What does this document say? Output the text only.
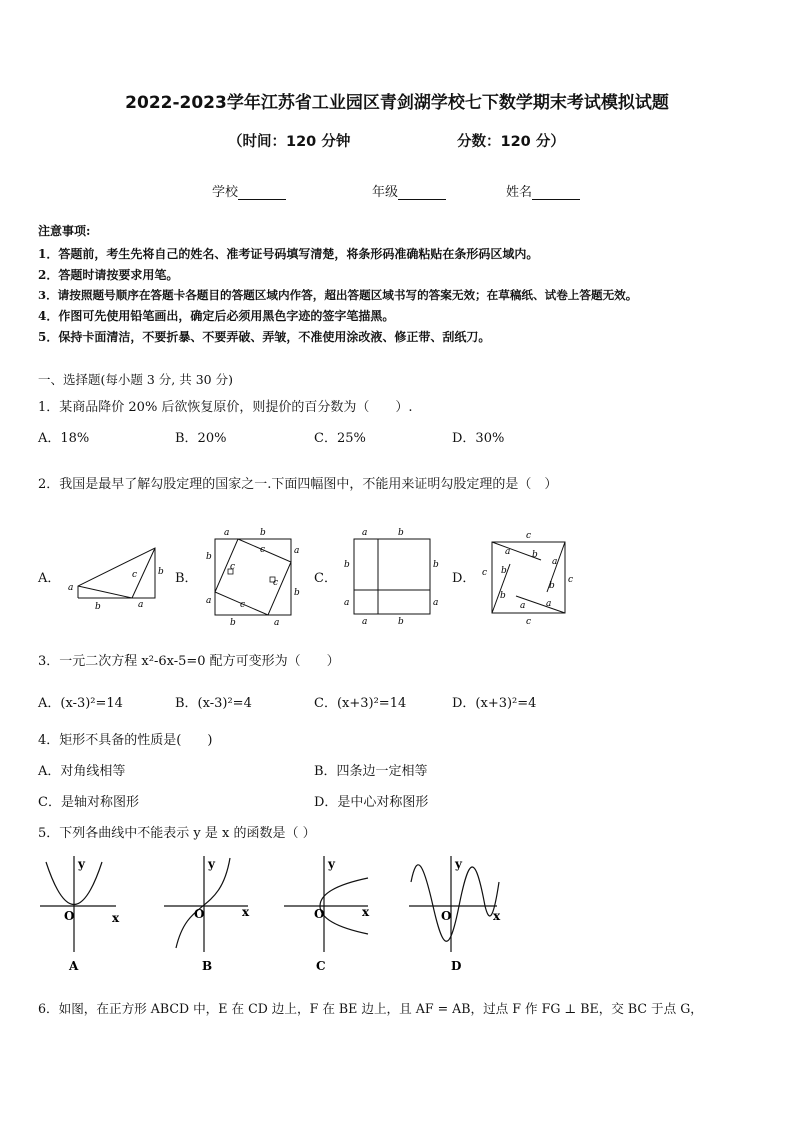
2022-2023学年江苏省工业园区青剑湖学校七下数学期末考试模拟试题
（时间：120 分钟	分数：120 分）
学校	年级	姓名
注意事项:
1．答题前，考生先将自己的姓名、准考证号码填写清楚，将条形码准确粘贴在条形码区域内。
2．答题时请按要求用笔。
3．请按照题号顺序在答题卡各题目的答题区域内作答，超出答题区域书写的答案无效；在草稿纸、试卷上答题无效。
4．作图可先使用铅笔画出，确定后必须用黑色字迹的签字笔描黑。
5．保持卡面清洁，不要折暴、不要弄破、弄皱，不准使用涂改液、修正带、刮纸刀。
一、选择题(每小题 3 分, 共 30 分)
1．某商品降价 20% 后欲恢复原价，则提价的百分数为（　　）.
A．18%	B．20%	C．25%	D．30%
2．我国是最早了解勾股定理的国家之一.下面四幅图中，不能用来证明勾股定理的是（　）
A．	B．	C．	D．
a
b
c b
a
a	b
b
a
a
b
b	a
c
c
c
c
a	b
b
a
b
a
a	b
c
c
c
c
a b
a
b
b
b
a a
3．一元二次方程 x²-6x-5=0 配方可变形为（　　）
A．(x-3)²=14	B．(x-3)²=4	C．(x+3)²=14	D．(x+3)²=4
4．矩形不具备的性质是(　　)
A．对角线相等	B．四条边一定相等
C．是轴对称图形	D．是中心对称图形
5．下列各曲线中不能表示 y 是 x 的函数是（ ）
y
O	x
A
y
O	x
B
y
O	x
C
y
O	x
D
6．如图，在正方形 ABCD 中，E 在 CD 边上，F 在 BE 边上，且 AF = AB，过点 F 作 FG ⊥ BE，交 BC 于点 G，
